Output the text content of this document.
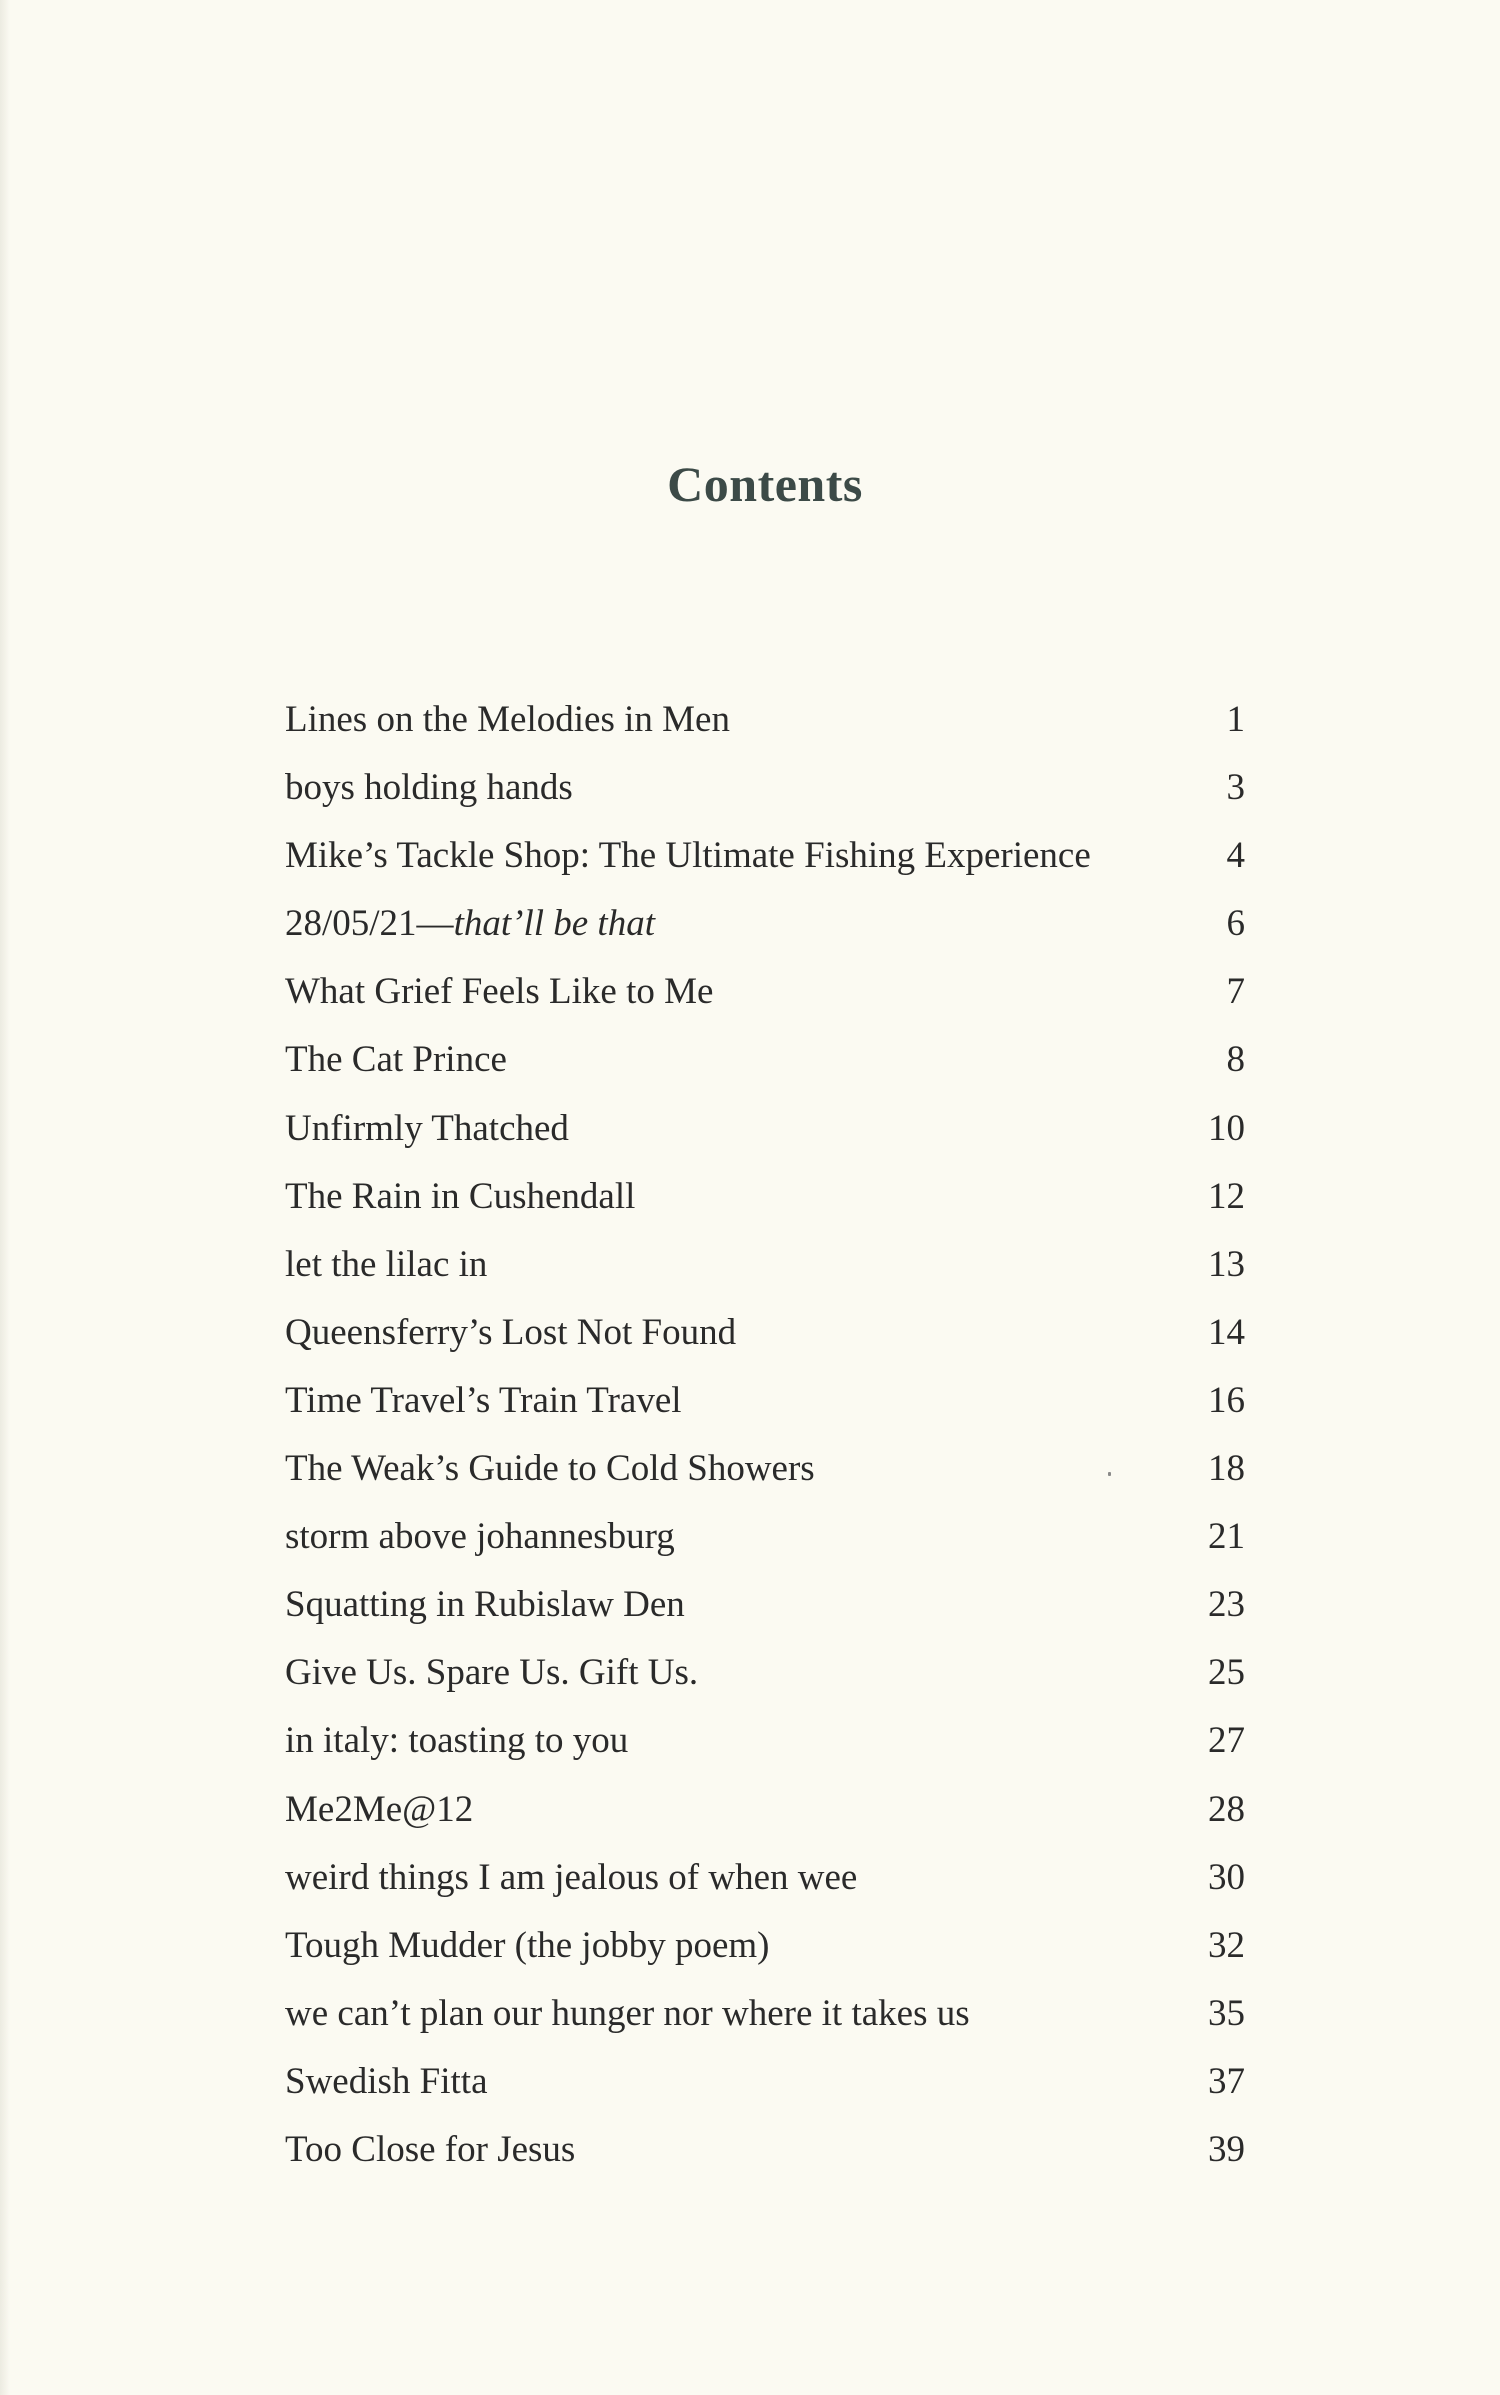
Contents
Lines on the Melodies in Men	1
boys holding hands	3
Mike’s Tackle Shop: The Ultimate Fishing Experience	4
28/05/21—that’ll be that	6
What Grief Feels Like to Me	7
The Cat Prince	8
Unfirmly Thatched	10
The Rain in Cushendall	12
let the lilac in	13
Queensferry’s Lost Not Found	14
Time Travel’s Train Travel	16
The Weak’s Guide to Cold Showers	18
storm above johannesburg	21
Squatting in Rubislaw Den	23
Give Us. Spare Us. Gift Us.	25
in italy: toasting to you	27
Me2Me@12	28
weird things I am jealous of when wee	30
Tough Mudder (the jobby poem)	32
we can’t plan our hunger nor where it takes us	35
Swedish Fitta	37
Too Close for Jesus	39
